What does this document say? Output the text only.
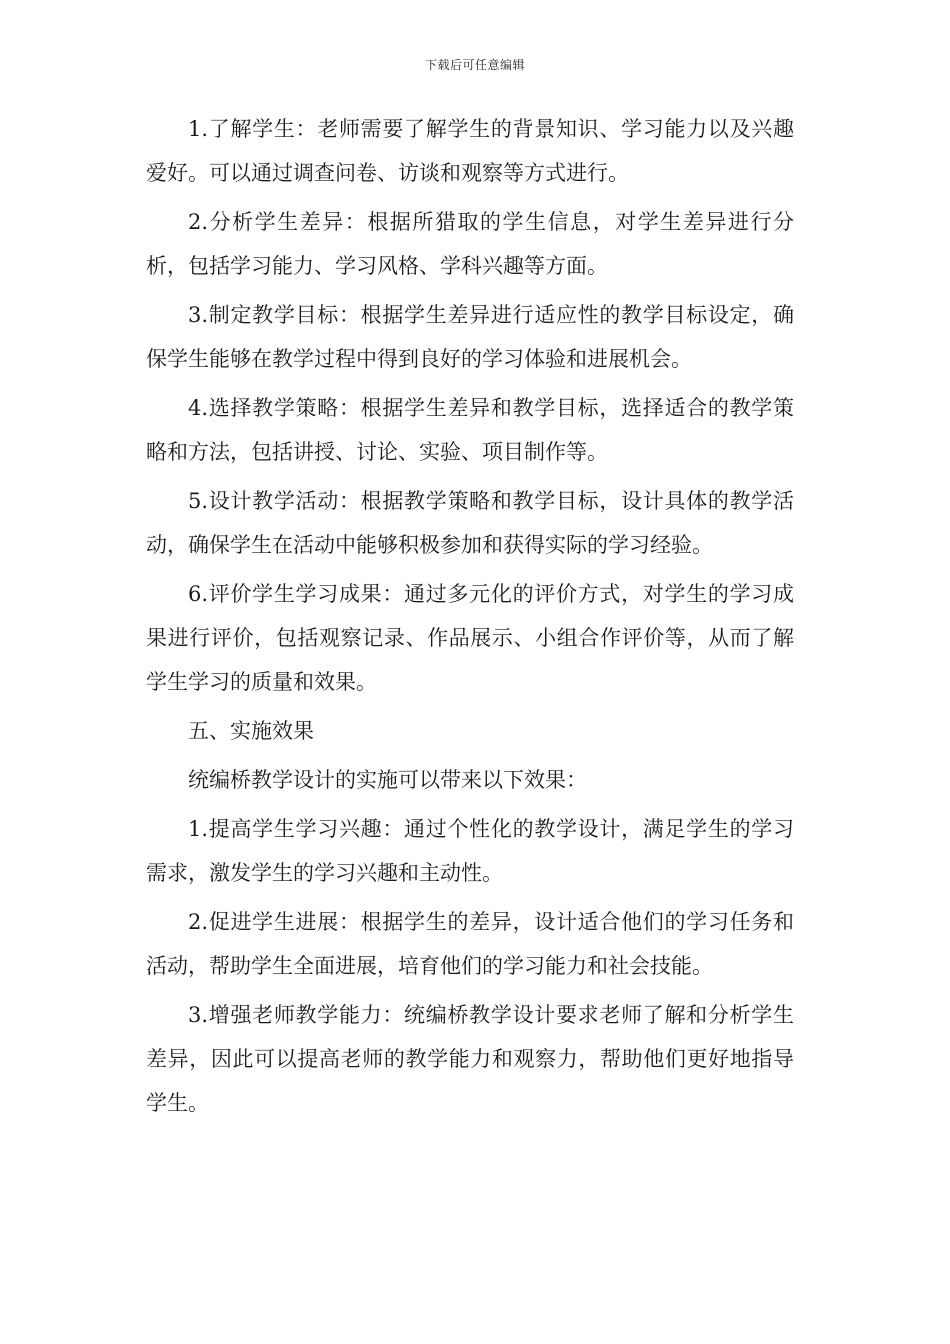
下载后可任意编辑

1.了解学生：老师需要了解学生的背景知识、学习能力以及兴趣爱好。可以通过调查问卷、访谈和观察等方式进行。

2.分析学生差异：根据所猎取的学生信息，对学生差异进行分析，包括学习能力、学习风格、学科兴趣等方面。

3.制定教学目标：根据学生差异进行适应性的教学目标设定，确保学生能够在教学过程中得到良好的学习体验和进展机会。

4.选择教学策略：根据学生差异和教学目标，选择适合的教学策略和方法，包括讲授、讨论、实验、项目制作等。

5.设计教学活动：根据教学策略和教学目标，设计具体的教学活动，确保学生在活动中能够积极参加和获得实际的学习经验。

6.评价学生学习成果：通过多元化的评价方式，对学生的学习成果进行评价，包括观察记录、作品展示、小组合作评价等，从而了解学生学习的质量和效果。

五、实施效果

统编桥教学设计的实施可以带来以下效果：

1.提高学生学习兴趣：通过个性化的教学设计，满足学生的学习需求，激发学生的学习兴趣和主动性。

2.促进学生进展：根据学生的差异，设计适合他们的学习任务和活动，帮助学生全面进展，培育他们的学习能力和社会技能。

3.增强老师教学能力：统编桥教学设计要求老师了解和分析学生差异，因此可以提高老师的教学能力和观察力，帮助他们更好地指导学生。
